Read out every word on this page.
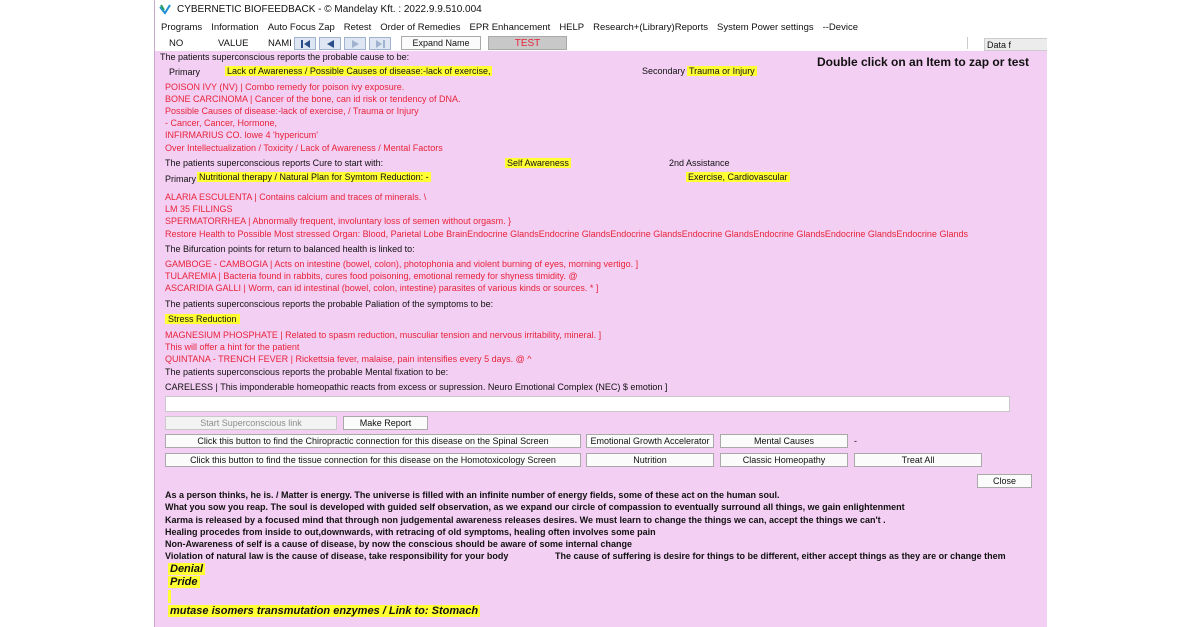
CYBERNETIC BIOFEEDBACK - © Mandelay Kft. : 2022.9.9.510.004
Programs Information Auto Focus Zap Retest Order of Remedies EPR Enhancement HELP Research+(Library)Reports System Power settings --Device
NO	VALUE NAMI	Expand Name	TEST	Data f
Double click on an Item to zap or test
The patients superconscious reports the probable cause to be:
Primary	Lack of Awareness / Possible Causes of disease:-lack of exercise,	Secondary Trauma or Injury
POISON IVY (NV) | Combo remedy for poison ivy exposure.
BONE CARCINOMA | Cancer of the bone, can id risk or tendency of DNA.
Possible Causes of disease:-lack of exercise, / Trauma or Injury
- Cancer, Cancer, Hormone,
INFIRMARIUS CO. lowe 4 'hypericum'
Over Intellectualization / Toxicity / Lack of Awareness / Mental Factors
The patients superconscious reports Cure to start with:	Self Awareness	2nd Assistance
Primary Nutritional therapy / Natural Plan for Symtom Reduction: -	Exercise, Cardiovascular
ALARIA ESCULENTA | Contains calcium and traces of minerals. \
LM 35 FILLINGS
SPERMATORRHEA | Abnormally frequent, involuntary loss of semen without orgasm. }
Restore Health to Possible Most stressed Organ: Blood, Parietal Lobe BrainEndocrine GlandsEndocrine GlandsEndocrine GlandsEndocrine GlandsEndocrine GlandsEndocrine GlandsEndocrine Glands
The Bifurcation points for return to balanced health is linked to:
GAMBOGE - CAMBOGIA | Acts on intestine (bowel, colon), photophonia and violent burning of eyes, morning vertigo. ]
TULAREMIA | Bacteria found in rabbits, cures food poisoning, emotional remedy for shyness timidity. @
ASCARIDIA GALLI | Worm, can id intestinal (bowel, colon, intestine) parasites of various kinds or sources. * ]
The patients superconscious reports the probable Paliation of the symptoms to be:
Stress Reduction
MAGNESIUM PHOSPHATE | Related to spasm reduction, musculiar tension and nervous irritability, mineral. ]
This will offer a hint for the patient
QUINTANA - TRENCH FEVER | Rickettsia fever, malaise, pain intensifies every 5 days. @ ^
The patients superconscious reports the probable Mental fixation to be:
CARELESS | This imponderable homeopathic reacts from excess or supression. Neuro Emotional Complex (NEC) $ emotion ]
Start Superconscious link	Make Report
Click this button to find the Chiropractic connection for this disease on the Spinal Screen	Emotional Growth Accelerator	Mental Causes	-
Click this button to find the tissue connection for this disease on the Homotoxicology Screen	Nutrition	Classic Homeopathy	Treat All
Close
As a person thinks, he is. / Matter is energy. The universe is filled with an infinite number of energy fields, some of these act on the human soul.
What you sow you reap. The soul is developed with guided self observation, as we expand our circle of compassion to eventually surround all things, we gain enlightenment
Karma is released by a focused mind that through non judgemental awareness releases desires. We must learn to change the things we can, accept the things we can't .
Healing procedes from inside to out,downwards, with retracing of old symptoms, healing often involves some pain
Non-Awareness of self is a cause of disease, by now the conscious should be aware of some internal change
Violation of natural law is the cause of disease, take responsibility for your body	The cause of suffering is desire for things to be different, either accept things as they are or change them
Denial
Pride
mutase isomers transmutation enzymes / Link to: Stomach
